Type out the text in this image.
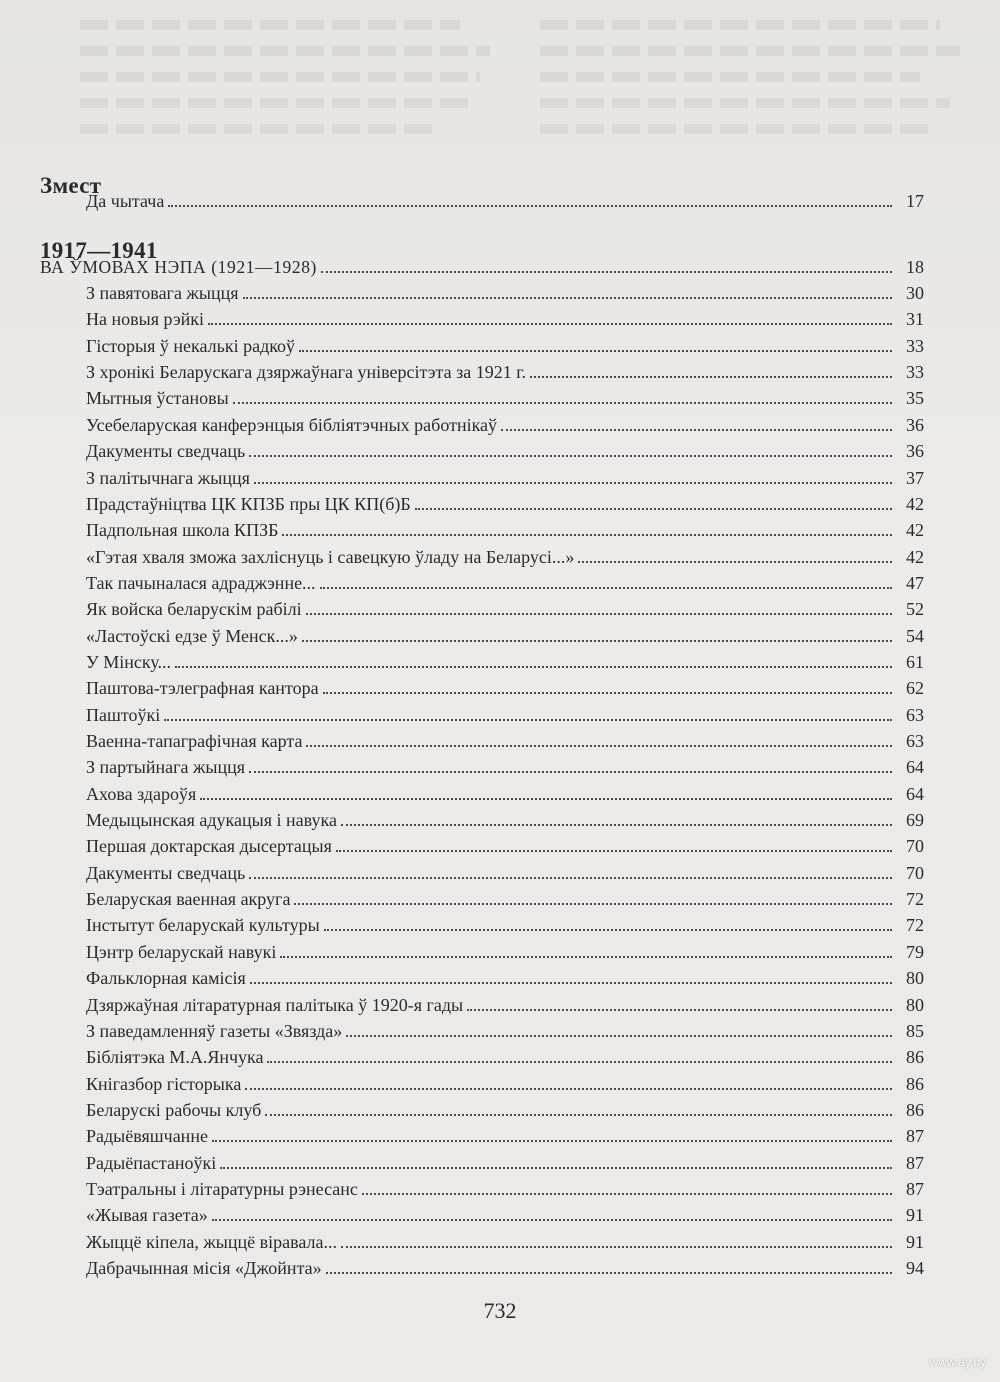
Змест
Да чытача	17
1917—1941
ВА ЎМОВАХ НЭПА (1921—1928)	18
З павятовага жыцця	30
На новыя рэйкі	31
Гісторыя ў некалькі радкоў	33
З хронікі Беларускага дзяржаўнага універсітэта за 1921 г.	33
Мытныя ўстановы	35
Усебеларуская канферэнцыя бібліятэчных работнікаў	36
Дакументы сведчаць	36
З палітычнага жыцця	37
Прадстаўніцтва ЦК КПЗБ пры ЦК КП(б)Б	42
Падпольная школа КПЗБ	42
«Гэтая хваля зможа захліснуць і савецкую ўладу на Беларусі...»	42
Так пачыналася адраджэнне...	47
Як войска беларускім рабілі	52
«Ластоўскі едзе ў Менск...»	54
У Мінску...	61
Паштова-тэлеграфная кантора	62
Паштоўкі	63
Ваенна-тапаграфічная карта	63
З партыйнага жыцця	64
Ахова здароўя	64
Медыцынская адукацыя і навука	69
Першая доктарская дысертацыя	70
Дакументы сведчаць	70
Беларуская ваенная акруга	72
Інстытут беларускай культуры	72
Цэнтр беларускай навукі	79
Фальклорная камісія	80
Дзяржаўная літаратурная палітыка ў 1920-я гады	80
З паведамленняў газеты «Звязда»	85
Бібліятэка М.А.Янчука	86
Кнігазбор гісторыка	86
Беларускі рабочы клуб	86
Радыёвяшчанне	87
Радыёпастаноўкі	87
Тэатральны і літаратурны рэнесанс	87
«Жывая газета»	91
Жыццё кіпела, жыццё віравала...	91
Дабрачынная місія «Джойнта»	94
732
www.ay.by
